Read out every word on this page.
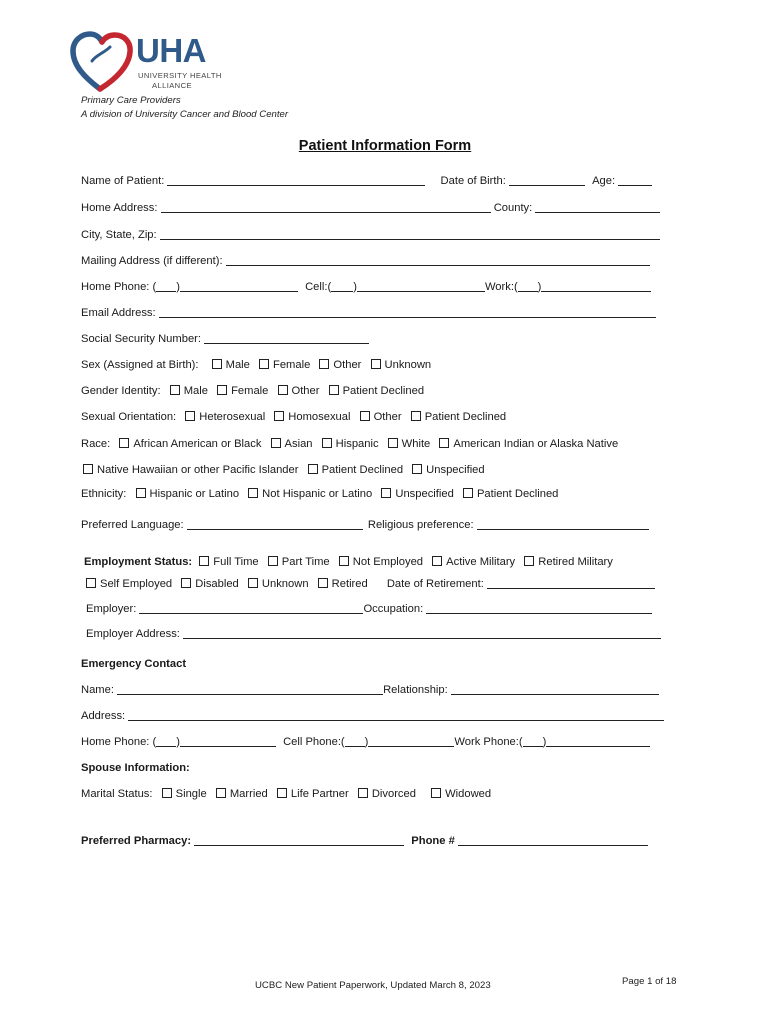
UHA
UNIVERSITY HEALTH
ALLIANCE
Primary Care Providers
A division of University Cancer and Blood Center
Patient Information Form
Name of Patient:	Date of Birth:	Age:
Home Address:	County:
City, State, Zip:
Mailing Address (if different):
Home Phone: ( )	Cell:( )	Work:( )
Email Address:
Social Security Number:
Sex (Assigned at Birth): Male Female Other Unknown
Gender Identity: Male Female Other Patient Declined
Sexual Orientation: Heterosexual Homosexual Other Patient Declined
Race: African American or Black Asian Hispanic White American Indian or Alaska Native
Native Hawaiian or other Pacific Islander Patient Declined Unspecified
Ethnicity: Hispanic or Latino Not Hispanic or Latino Unspecified Patient Declined
Preferred Language:	Religious preference:
Employment Status: Full Time Part Time Not Employed Active Military Retired Military
Self Employed Disabled Unknown Retired Date of Retirement:
Employer:	Occupation:
Employer Address:
Emergency Contact
Name:	Relationship:
Address:
Home Phone: ( )	Cell Phone:( )	Work Phone:( )
Spouse Information:
Marital Status: Single Married Life Partner Divorced	Widowed
Preferred Pharmacy:	Phone #
UCBC New Patient Paperwork, Updated March 8, 2023	Page 1 of 18
